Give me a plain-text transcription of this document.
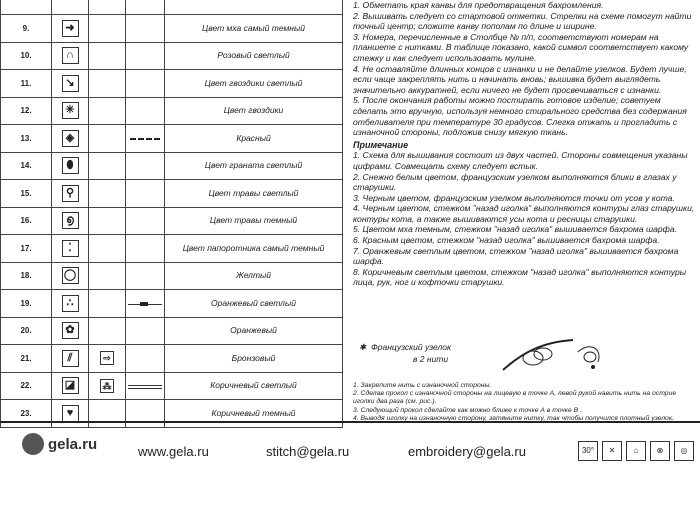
9.	➜			Цвет мха самый темный
10.	∩			Розовый светлый
11.	↘			Цвет гвоздики светлый
12.	✳			Цвет гвоздики
13.	◈			Красный
14.	⬮			Цвет граната светлый
15.	⚲			Цвет травы светлый
16.	൭			Цвет травы темный
17.	⁚			Цвет папоротника самый темный
18.	◯			Желтый
19.	∴			Оранжевый светлый
20.	✿			Оранжевый
21.	⫽	⇨		Бронзовый
22.	◪	⁂		Коричневый светлый
23.	♥			Коричневый темный

1. Обметать края канвы для предотвращения бахромления.

2. Вышивать следует со стартовой отметки. Стрелки на схеме помогут найти точный центр; сложите канву пополам по длине и ширине.

3. Номера, перечисленные в Столбце № п/п, соответствуют номерам на планшете с нитками. В таблице показано, какой символ соответствует какому стежку и как следует использовать мулине.

4. Не оставляйте длинных концов с изнанки и не делайте узелков. Будет лучше, если чаще закреплять нить и начинать вновь; вышивка будет выглядеть значительно аккуратней, если ничего не будет просвечиваться с изнанки.

5. После окончания работы можно постирать готовое изделие; советуем сделать это вручную, используя немного стирального средства без содержания отбеливателя при температуре 30 градусов. Слегка отжать и прогладить с изнаночной стороны, подложив снизу мягкую ткань.

Примечание

1. Схема для вышивания состоит из двух частей. Стороны совмещения указаны цифрами. Совмещать схему следует встык.

2. Снежно белым цветом, французским узелком выполняются блики в глазах у старушки.

3. Черным цветом, французским узелком выполняются точки от усов у кота.

4. Черным цветом, стежком "назад иголка" выполняются контуры глаз старушки, контуры кота, а также вышиваются усы кота и ресницы старушки.

5. Цветом мха темным, стежком "назад иголка" вышивается бахрома шарфа.

6. Красным цветом, стежком "назад иголка" вышивается бахрома шарфа.

7. Оранжевым светлым цветом, стежком "назад иголка" вышивается бахрома шарфа.

8. Коричневым светлым цветом, стежком "назад иголка" выполняются контуры лица, рук, ног и кофточки старушки.

✱ Французский узелок
в 2 нити

1. Закрепите нить с изнаночной стороны.

2. Сделав прокол с изнаночной стороны на лицевую в точке А, левой рукой навить нить на острие иголки два раза (см. рис.).

3. Следующий прокол сделайте как можно ближе к точке А в точке В .

4. Выводя иголку на изнаночную сторону, затяните нитку, так чтобы получился плотный узелок.

gela.ru	www.gela.ru	stitch@gela.ru	embroidery@gela.ru	30°	✕	⌂	⊗	◎
